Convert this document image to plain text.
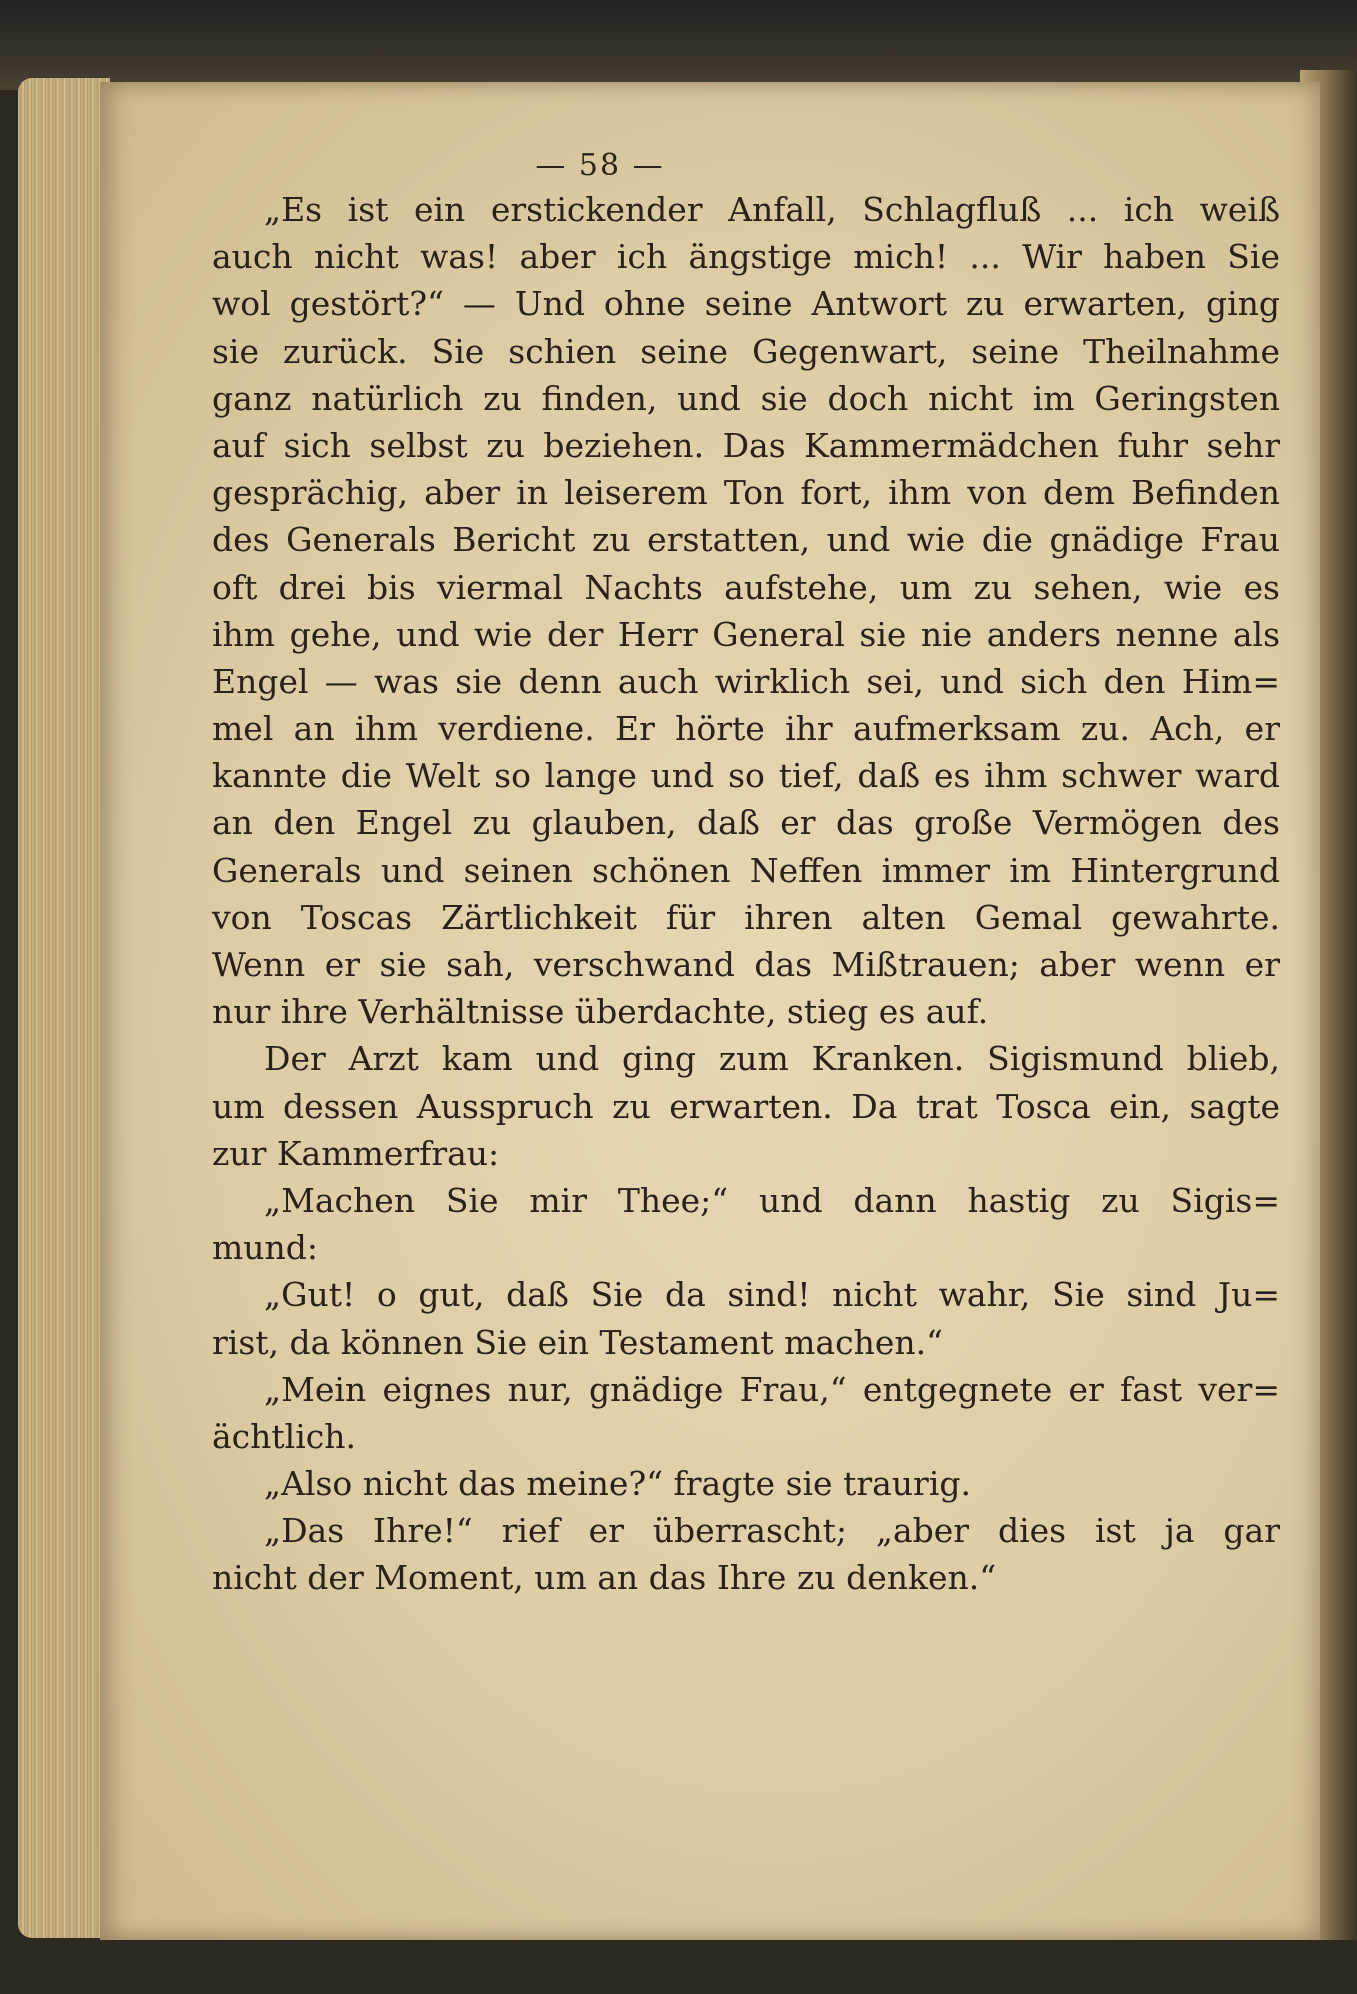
— 58 —
„Es ist ein erstickender Anfall, Schlagfluß ... ich weiß
auch nicht was! aber ich ängstige mich! ... Wir haben Sie
wol gestört?“ — Und ohne seine Antwort zu erwarten, ging
sie zurück. Sie schien seine Gegenwart, seine Theilnahme
ganz natürlich zu finden, und sie doch nicht im Geringsten
auf sich selbst zu beziehen. Das Kammermädchen fuhr sehr
gesprächig, aber in leiserem Ton fort, ihm von dem Befinden
des Generals Bericht zu erstatten, und wie die gnädige Frau
oft drei bis viermal Nachts aufstehe, um zu sehen, wie es
ihm gehe, und wie der Herr General sie nie anders nenne als
Engel — was sie denn auch wirklich sei, und sich den Him=
mel an ihm verdiene. Er hörte ihr aufmerksam zu. Ach, er
kannte die Welt so lange und so tief, daß es ihm schwer ward
an den Engel zu glauben, daß er das große Vermögen des
Generals und seinen schönen Neffen immer im Hintergrund
von Toscas Zärtlichkeit für ihren alten Gemal gewahrte.
Wenn er sie sah, verschwand das Mißtrauen; aber wenn er
nur ihre Verhältnisse überdachte, stieg es auf.
Der Arzt kam und ging zum Kranken. Sigismund blieb,
um dessen Ausspruch zu erwarten. Da trat Tosca ein, sagte
zur Kammerfrau:
„Machen Sie mir Thee;“ und dann hastig zu Sigis=
mund:
„Gut! o gut, daß Sie da sind! nicht wahr, Sie sind Ju=
rist, da können Sie ein Testament machen.“
„Mein eignes nur, gnädige Frau,“ entgegnete er fast ver=
ächtlich.
„Also nicht das meine?“ fragte sie traurig.
„Das Ihre!“ rief er überrascht; „aber dies ist ja gar
nicht der Moment, um an das Ihre zu denken.“
